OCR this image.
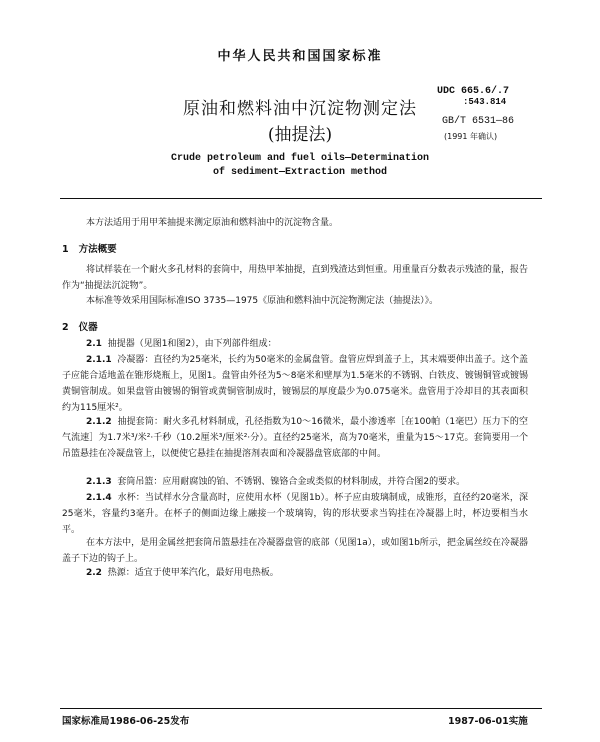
中华人民共和国国家标准
UDC 665.6/.7
:543.814
GB/T 6531—86
(1991 年确认)
原油和燃料油中沉淀物测定法
(抽提法)
Crude petroleum and fuel oils—Determination
of sediment—Extraction method
本方法适用于用甲苯抽提来测定原油和燃料油中的沉淀物含量。
1 方法概要
将试样装在一个耐火多孔材料的套筒中，用热甲苯抽提，直到残渣达到恒重。用重量百分数表示残渣的量，报告作为“抽提法沉淀物”。
本标准等效采用国际标准ISO 3735—1975《原油和燃料油中沉淀物测定法（抽提法）》。
2 仪器
2.1 抽提器（见图1和图2），由下列部件组成：
2.1.1 冷凝器：直径约为25毫米，长约为50毫米的金属盘管。盘管应焊到盖子上，其末端要伸出盖子。这个盖子应能合适地盖在锥形烧瓶上，见图1。盘管由外径为5～8毫米和壁厚为1.5毫米的不锈钢、白铁皮、镀锡铜管或镀锡黄铜管制成。如果盘管由镀锡的铜管或黄铜管制成时，镀锡层的厚度最少为0.075毫米。盘管用于冷却目的其表面积约为115厘米²。
2.1.2 抽提套筒：耐火多孔材料制成，孔径指数为10～16微米，最小渗透率［在100帕（1毫巴）压力下的空气流速］为1.7米³/米²·千秒（10.2厘米³/厘米²·分）。直径约25毫米，高为70毫米，重量为15～17克。套筒要用一个吊篮悬挂在冷凝盘管上，以便使它悬挂在抽提溶剂表面和冷凝器盘管底部的中间。
2.1.3 套筒吊篮：应用耐腐蚀的铂、不锈钢、镍铬合金或类似的材料制成，并符合图2的要求。
2.1.4 水杯：当试样水分含量高时，应使用水杯（见图1b）。杯子应由玻璃制成，成锥形，直径约20毫米，深25毫米，容量约3毫升。在杯子的侧面边缘上融接一个玻璃钩，钩的形状要求当钩挂在冷凝器上时，杯边要相当水平。
在本方法中，是用金属丝把套筒吊篮悬挂在冷凝器盘管的底部（见图1a），或如图1b所示，把金属丝绞在冷凝器盖子下边的钩子上。
2.2 热源：适宜于使甲苯汽化，最好用电热板。
国家标准局1986-06-25发布	1987-06-01实施
